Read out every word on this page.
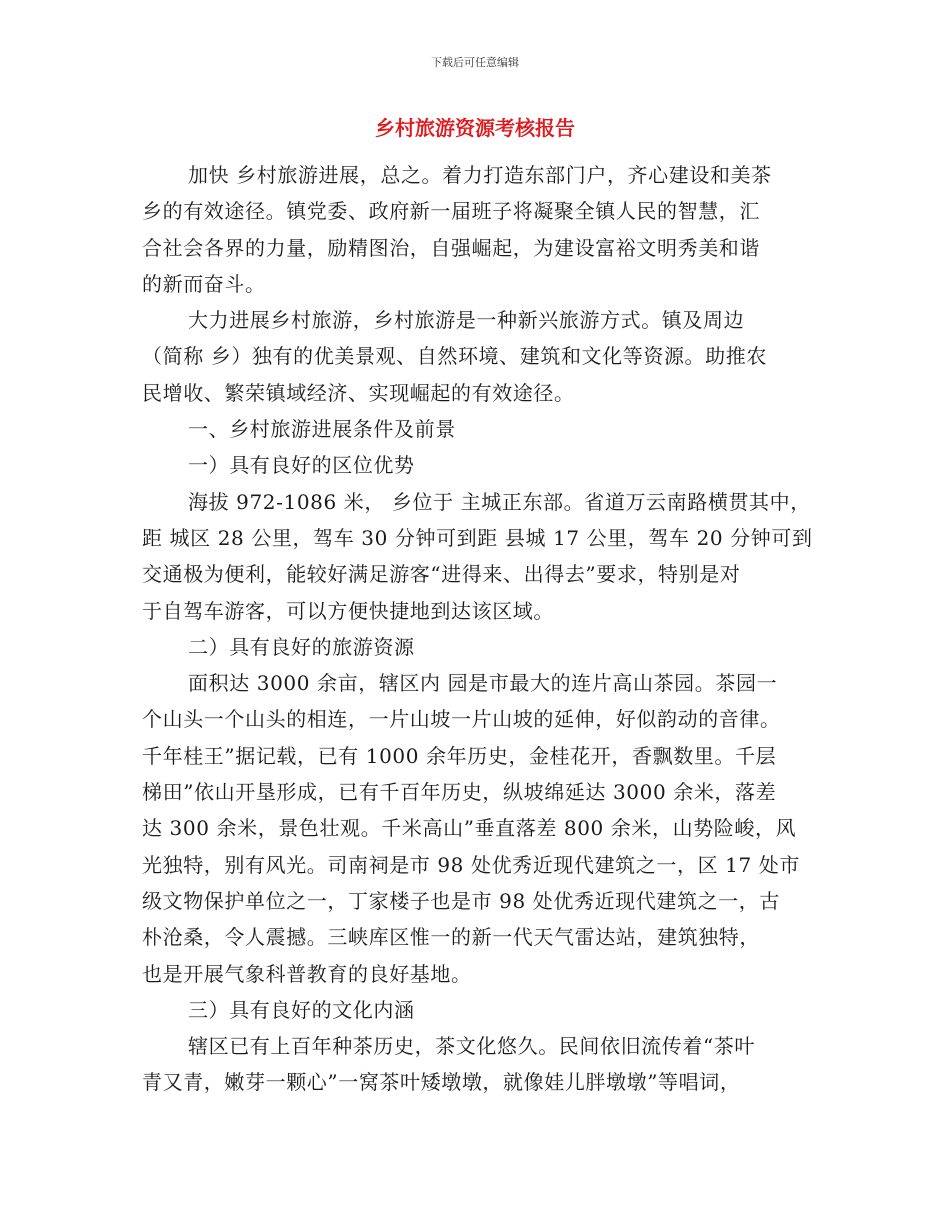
下载后可任意编辑
乡村旅游资源考核报告
加快 乡村旅游进展，总之。着力打造东部门户，齐心建设和美茶
乡的有效途径。镇党委、政府新一届班子将凝聚全镇人民的智慧，汇
合社会各界的力量，励精图治，自强崛起，为建设富裕文明秀美和谐
的新而奋斗。
大力进展乡村旅游，乡村旅游是一种新兴旅游方式。镇及周边
（简称 乡）独有的优美景观、自然环境、建筑和文化等资源。助推农
民增收、繁荣镇域经济、实现崛起的有效途径。
一、乡村旅游进展条件及前景
一）具有良好的区位优势
海拔 972-1086 米， 乡位于 主城正东部。省道万云南路横贯其中，
距 城区 28 公里，驾车 30 分钟可到距 县城 17 公里，驾车 20 分钟可到
交通极为便利，能较好满足游客“进得来、出得去”要求，特别是对
于自驾车游客，可以方便快捷地到达该区域。
二）具有良好的旅游资源
面积达 3000 余亩，辖区内 园是市最大的连片高山茶园。茶园一
个山头一个山头的相连，一片山坡一片山坡的延伸，好似韵动的音律。
千年桂王”据记载，已有 1000 余年历史，金桂花开，香飘数里。千层
梯田”依山开垦形成，已有千百年历史，纵坡绵延达 3000 余米，落差
达 300 余米，景色壮观。千米高山”垂直落差 800 余米，山势险峻，风
光独特，别有风光。司南祠是市 98 处优秀近现代建筑之一，区 17 处市
级文物保护单位之一，丁家楼子也是市 98 处优秀近现代建筑之一，古
朴沧桑，令人震撼。三峡库区惟一的新一代天气雷达站，建筑独特，
也是开展气象科普教育的良好基地。
三）具有良好的文化内涵
辖区已有上百年种茶历史，茶文化悠久。民间依旧流传着“茶叶
青又青，嫩芽一颗心”一窝茶叶矮墩墩，就像娃儿胖墩墩”等唱词，
